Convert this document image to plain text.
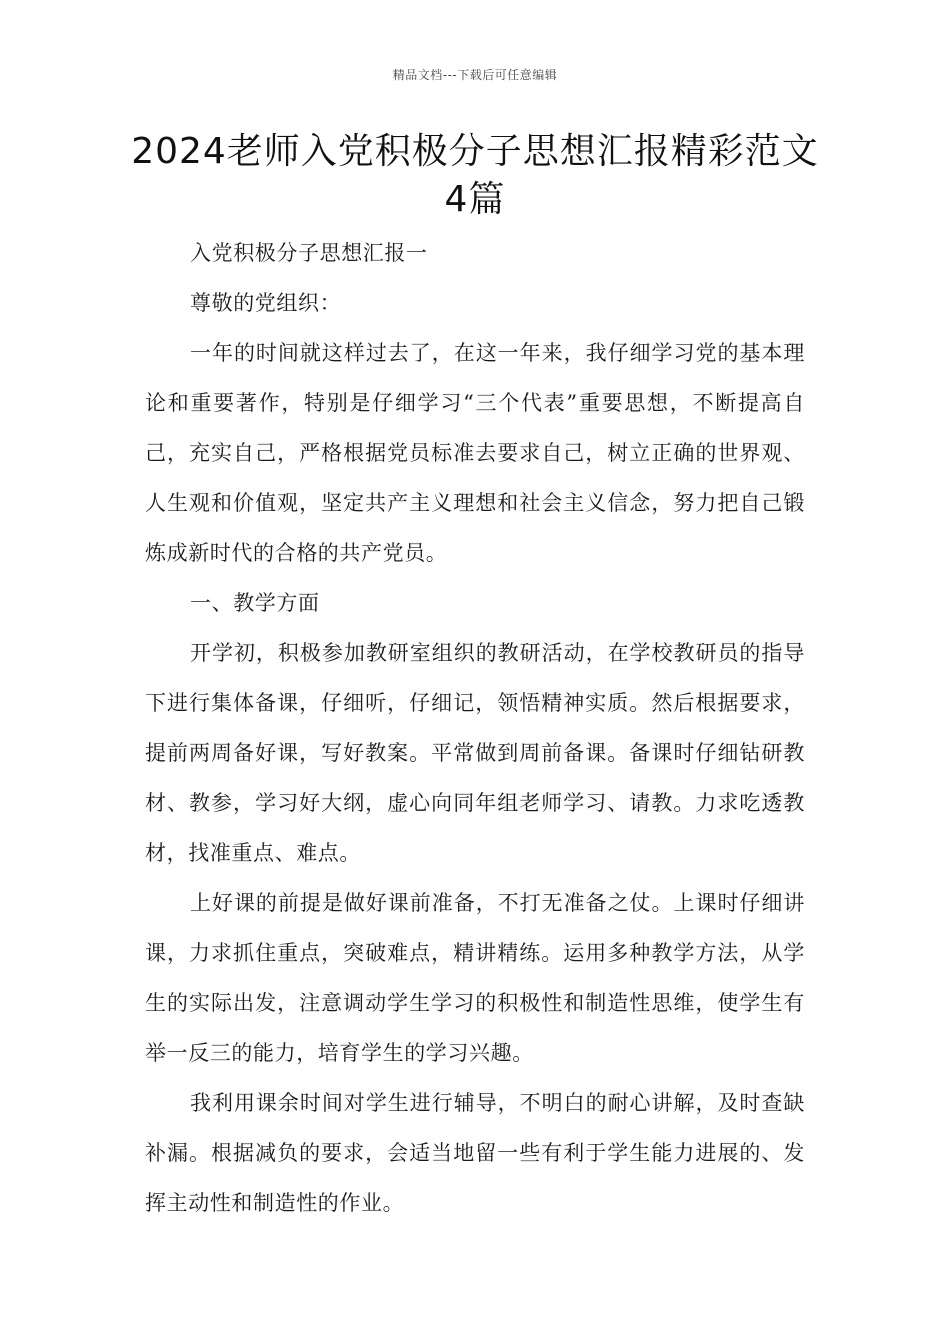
精品文档---下载后可任意编辑
2024老师入党积极分子思想汇报精彩范文4篇

入党积极分子思想汇报一

尊敬的党组织：

一年的时间就这样过去了，在这一年来，我仔细学习党的基本理论和重要著作，特别是仔细学习“三个代表”重要思想，不断提高自己，充实自己，严格根据党员标准去要求自己，树立正确的世界观、人生观和价值观，坚定共产主义理想和社会主义信念，努力把自己锻炼成新时代的合格的共产党员。

一、教学方面

开学初，积极参加教研室组织的教研活动，在学校教研员的指导下进行集体备课，仔细听，仔细记，领悟精神实质。然后根据要求，提前两周备好课，写好教案。平常做到周前备课。备课时仔细钻研教材、教参，学习好大纲，虚心向同年组老师学习、请教。力求吃透教材，找准重点、难点。

上好课的前提是做好课前准备，不打无准备之仗。上课时仔细讲课，力求抓住重点，突破难点，精讲精练。运用多种教学方法，从学生的实际出发，注意调动学生学习的积极性和制造性思维，使学生有举一反三的能力，培育学生的学习兴趣。

我利用课余时间对学生进行辅导，不明白的耐心讲解，及时查缺补漏。根据减负的要求，会适当地留一些有利于学生能力进展的、发挥主动性和制造性的作业。
